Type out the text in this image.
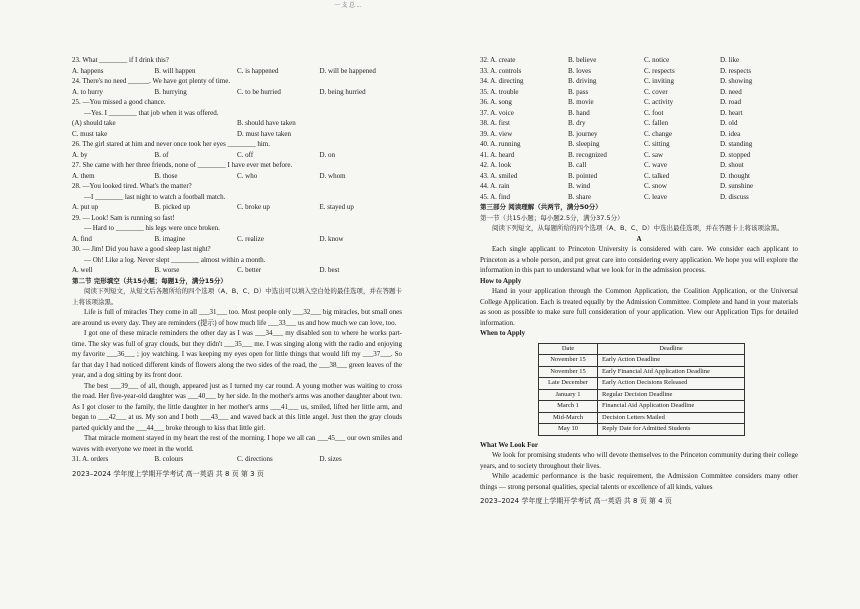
一 支 总 ...
23. What ________ if I drink this?
A. happens	B. will happen	C. is happened	D. will be happened
24. There's no need ______. We have got plenty of time.
A. to hurry	B. hurrying	C. to be hurried	D. being hurried
25. —You missed a good chance.
—Yes. I ________ that job when it was offered.
(A) should take	B. should have taken
C. must take	D. must have taken
26. The girl stared at him and never once took her eyes ________ him.
A. by	B. of	C. off	D. on
27. She came with her three friends, none of ________ I have ever met before.
A. them	B. those	C. who	D. whom
28. —You looked tired. What's the matter?
—I ________ last night to watch a football match.
A. put up	B. picked up	C. broke up	E. stayed up
29. — Look! Sam is running so fast!
— Hard to ________ his legs were once broken.
A. find	B. imagine	C. realize	D. know
30. — Jim! Did you have a good sleep last night?
— Oh! Like a log. Never slept ________ almost within a month.
A. well	B. worse	C. better	D. best
第二节 完形填空（共15小题；每题1分，满分15分）

阅读下列短文，从短文后各题所给的四个选项（A、B、C、D）中选出可以填入空白处的最佳选项，并在答题卡上将该项涂黑。

Life is full of miracles They come in all ___31___ too. Most people only ___32___ big miracles, but small ones are around us every day. They are reminders (提示) of how much life ___33___ us and how much we can love, too.

I got one of these miracle reminders the other day as I was ___34___ my disabled son to where he works part-time. The sky was full of gray clouds, but they didn't ___35___ me. I was singing along with the radio and enjoying my favorite ___36___ ; joy watching. I was keeping my eyes open for little things that would lift my ___37___. So far that day I had noticed different kinds of flowers along the two sides of the road, the ___38___ green leaves of the year, and a dog sitting by its front door.

The best ___39___ of all, though, appeared just as I turned my car round. A young mother was waiting to cross the road. Her five-year-old daughter was ___40___ by her side. In the mother's arms was another daughter about two. As I got closer to the family, the little daughter in her mother's arms ___41___ us, smiled, lifted her little arm, and began to ___42___ at us. My son and I both ___43___ and waved back at this little angel. Just then the gray clouds parted quickly and the ___44___ broke through to kiss that little girl.

That miracle moment stayed in my heart the rest of the morning. I hope we all can ___45___ our own smiles and waves with everyone we meet in the world.

31. A. orders	B. colours	C. directions	D. sizes
2023–2024 学年度上学期开学考试 高一英语 共 8 页 第 3 页
32. A. create	B. believe	C. notice	D. like
33. A. controls	B. loves	C. respects	D. respects
34. A. directing	B. driving	C. inviting	D. showing
35. A. trouble	B. pass	C. cover	D. need
36. A. song	B. movie	C. activity	D. road
37. A. voice	B. hand	C. foot	D. heart
38. A. first	B. dry	C. fallen	D. old
39. A. view	B. journey	C. change	D. idea
40. A. running	B. sleeping	C. sitting	D. standing
41. A. heard	B. recognized	C. saw	D. stopped
42. A. look	B. call	C. wave	D. shout
43. A. smiled	B. pointed	C. talked	D. thought
44. A. rain	B. wind	C. snow	D. sunshine
45. A. find	B. share	C. leave	D. discuss
第三部分 阅读理解（共两节，满分50分）
第一节（共15小题；每小题2.5分，满分37.5分）

阅读下列短文，从每题所给的四个选项（A、B、C、D）中选出最佳选项，并在答题卡上将该项涂黑。

A

Each single applicant to Princeton University is considered with care. We consider each applicant to Princeton as a whole person, and put great care into considering every application. We hope you will explore the information in this part to understand what we look for in the admission process.

How to Apply

Hand in your application through the Common Application, the Coalition Application, or the Universal College Application. Each is treated equally by the Admission Committee. Complete and hand in your materials as soon as possible to make sure full consideration of your application. View our Application Tips for detailed information.

When to Apply
Date	Deadline
November 15	Early Action Deadline
November 15	Early Financial Aid Application Deadline
Late December	Early Action Decisions Released
January 1	Regular Decision Deadline
March 1	Financial Aid Application Deadline
Mid-March	Decision Letters Mailed
May 10	Reply Date for Admitted Students
What We Look For

We look for promising students who will devote themselves to the Princeton community during their college years, and to society throughout their lives.

While academic performance is the basic requirement, the Admission Committee considers many other things — strong personal qualities, special talents or excellence of all kinds, values

2023–2024 学年度上学期开学考试 高一英语 共 8 页 第 4 页
